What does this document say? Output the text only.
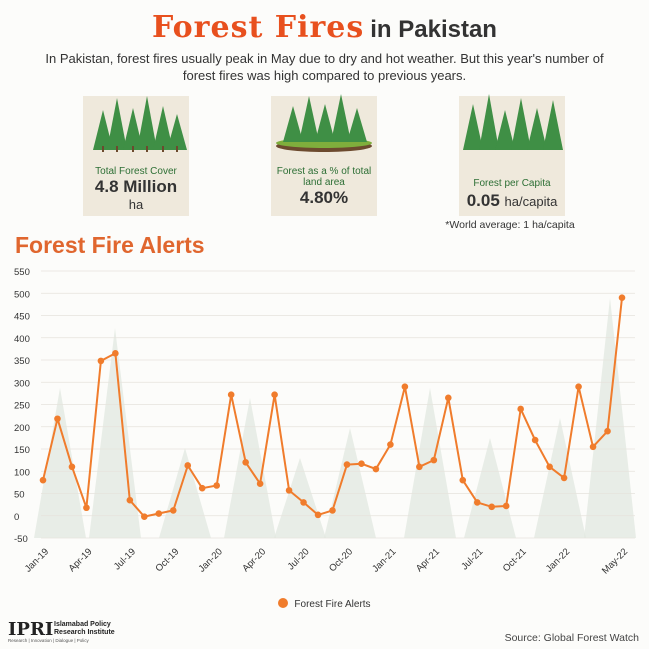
Forest Fires in Pakistan
In Pakistan, forest fires usually peak in May due to dry and hot weather. But this year's number of forest fires was high compared to previous years.
Total Forest Cover
4.8 Million
ha
Forest as a % of total land area
4.80%
Forest per Capita
0.05 ha/capita
*World average: 1 ha/capita
Forest Fire Alerts
-50
0
50
100
150
200
250
300
350
400
450
500
550
Jan-19 Apr-19 Jul-19 Oct-19 Jan-20 Apr-20 Jul-20 Oct-20 Jan-21 Apr-21 Jul-21 Oct-21 Jan-22	May-22
Forest Fire Alerts
IPRI Islamabad Policy
Research Institute
Research | Innovation | Dialogue | Policy	Source: Global Forest Watch
